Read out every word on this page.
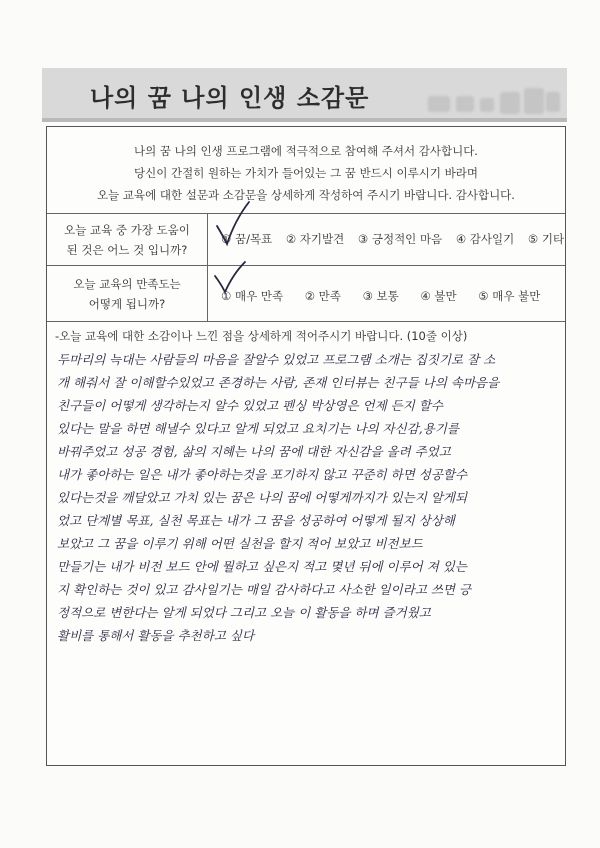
나의 꿈 나의 인생 소감문
나의 꿈 나의 인생 프로그램에 적극적으로 참여해 주셔서 감사합니다.
당신이 간절히 원하는 가치가 들어있는 그 꿈 반드시 이루시기 바라며
오늘 교육에 대한 설문과 소감문을 상세하게 작성하여 주시기 바랍니다. 감사합니다.
오늘 교육 중 가장 도움이
된 것은 어느 것 입니까?
① 꿈/목표 ② 자기발견 ③ 긍정적인 마음 ④ 감사일기 ⑤ 기타
오늘 교육의 만족도는
어떻게 됩니까?
① 매우 만족 ② 만족 ③ 보통 ④ 불만 ⑤ 매우 불만
-오늘 교육에 대한 소감이나 느낀 점을 상세하게 적어주시기 바랍니다. (10줄 이상)
두마리의 늑대는 사람들의 마음을 잘알수 있었고 프로그램 소개는 집짓기로 잘 소
개 해줘서 잘 이해할수있었고 존경하는 사람, 존재 인터뷰는 친구들 나의 속마음을
친구들이 어떻게 생각하는지 알수 있었고 펜싱 박상영은 언제 든지 할수
있다는 말을 하면 해낼수 있다고 알게 되었고 요치기는 나의 자신감,용기를
바꿔주었고 성공 경험, 삶의 지혜는 나의 꿈에 대한 자신감을 올려 주었고
내가 좋아하는 일은 내가 좋아하는것을 포기하지 않고 꾸준히 하면 성공할수
있다는것을 깨달았고 가치 있는 꿈은 나의 꿈에 어떻게까지가 있는지 알게되
었고 단계별 목표, 실천 목표는 내가 그 꿈을 성공하여 어떻게 될지 상상해
보았고 그 꿈을 이루기 위해 어떤 실천을 할지 적어 보았고 비전보드
만들기는 내가 비전 보드 안에 뭘하고 싶은지 적고 몇년 뒤에 이루어 져 있는
지 확인하는 것이 있고 감사일기는 매일 감사하다고 사소한 일이라고 쓰면 긍
정적으로 변한다는 알게 되었다 그리고 오늘 이 활동을 하며 즐거웠고
활비를 통해서 활동을 추천하고 싶다
